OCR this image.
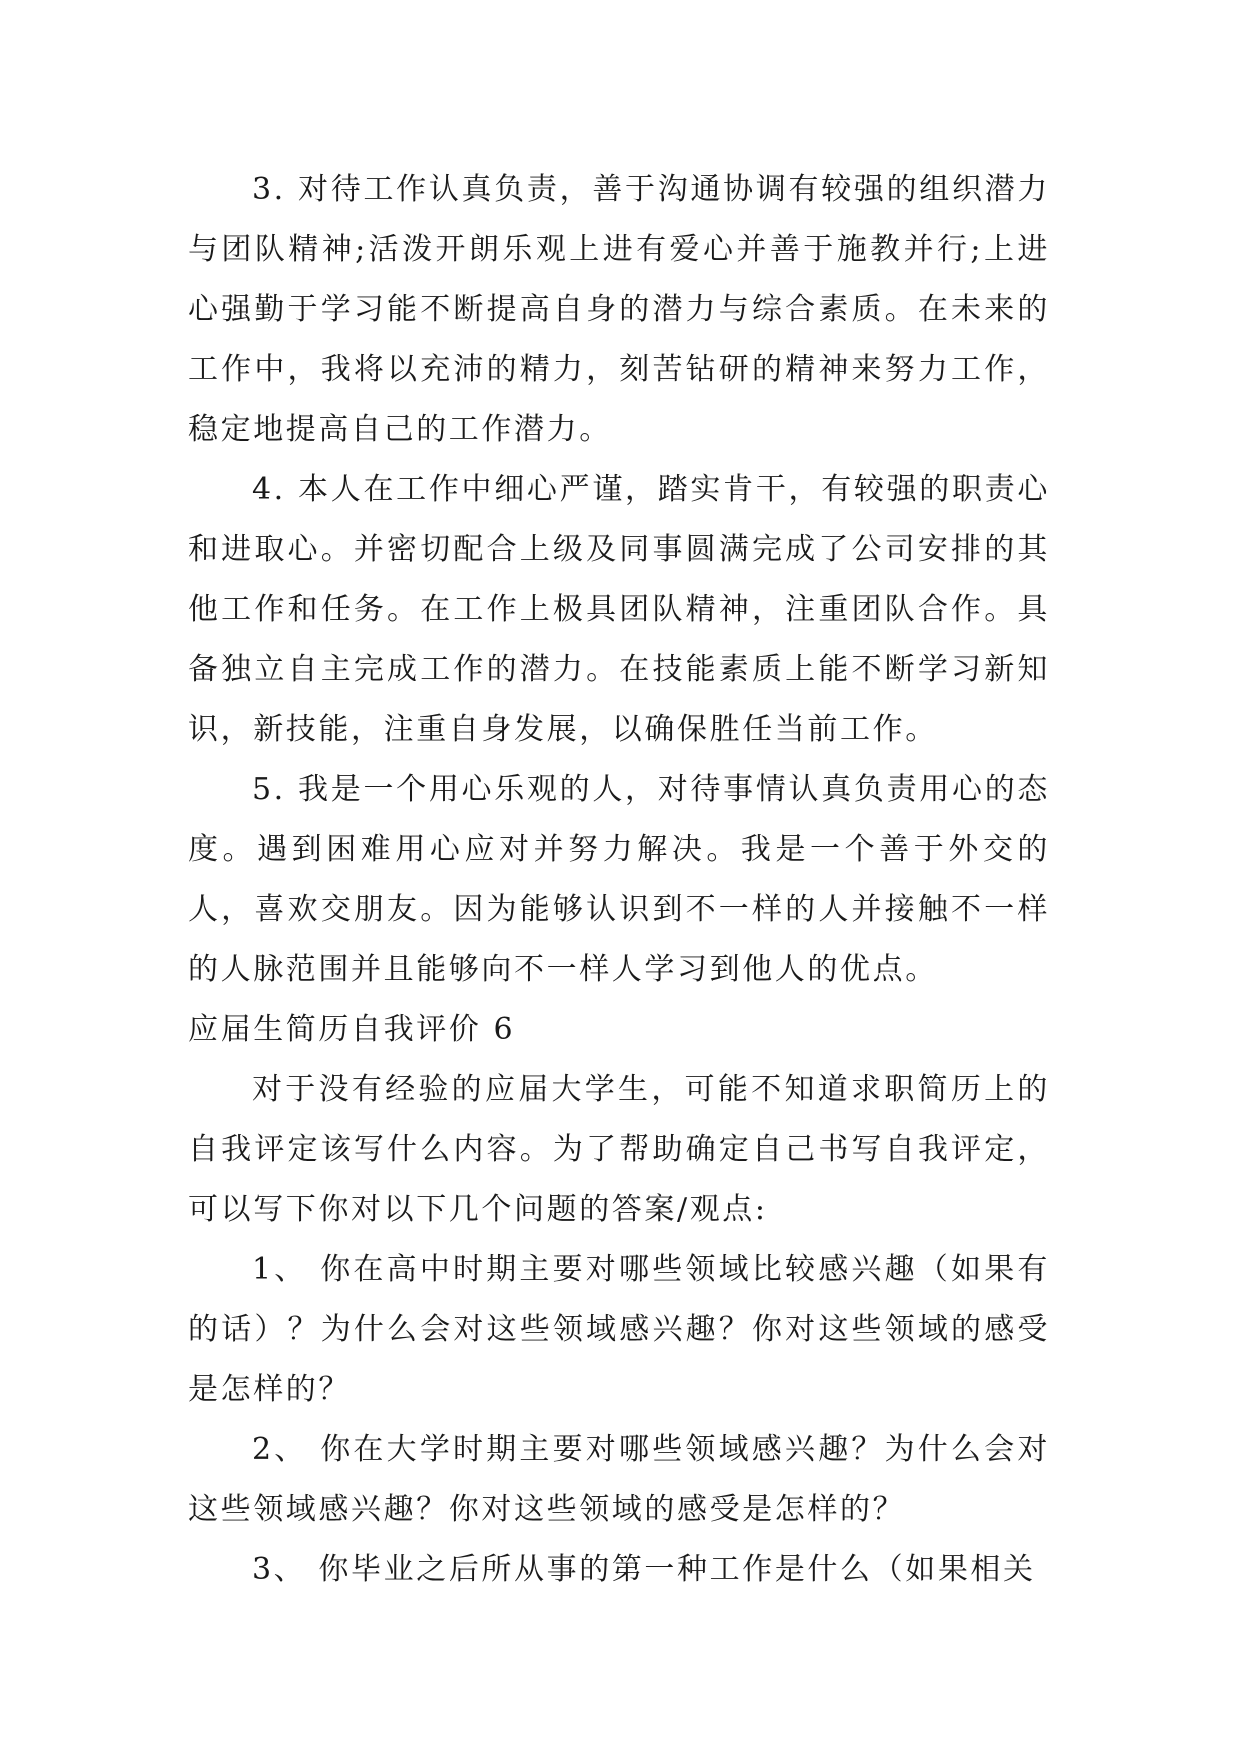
3. 对待工作认真负责，善于沟通协调有较强的组织潜力与团队精神;活泼开朗乐观上进有爱心并善于施教并行;上进心强勤于学习能不断提高自身的潜力与综合素质。在未来的工作中，我将以充沛的精力，刻苦钻研的精神来努力工作，稳定地提高自己的工作潜力。

4. 本人在工作中细心严谨，踏实肯干，有较强的职责心和进取心。并密切配合上级及同事圆满完成了公司安排的其他工作和任务。在工作上极具团队精神，注重团队合作。具备独立自主完成工作的潜力。在技能素质上能不断学习新知识，新技能，注重自身发展，以确保胜任当前工作。

5. 我是一个用心乐观的人，对待事情认真负责用心的态度。遇到困难用心应对并努力解决。我是一个善于外交的人，喜欢交朋友。因为能够认识到不一样的人并接触不一样的人脉范围并且能够向不一样人学习到他人的优点。

应届生简历自我评价 6

对于没有经验的应届大学生，可能不知道求职简历上的自我评定该写什么内容。为了帮助确定自己书写自我评定，可以写下你对以下几个问题的答案/观点:

1、 你在高中时期主要对哪些领域比较感兴趣（如果有的话）？为什么会对这些领域感兴趣？你对这些领域的感受是怎样的？

2、 你在大学时期主要对哪些领域感兴趣？为什么会对这些领域感兴趣？你对这些领域的感受是怎样的？

3、 你毕业之后所从事的第一种工作是什么（如果相关
